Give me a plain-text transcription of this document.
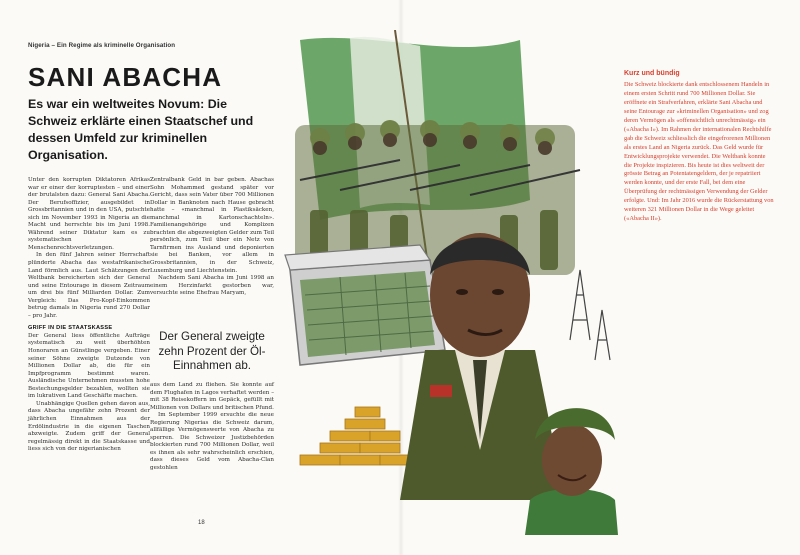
Nigeria – Ein Regime als kriminelle Organisation
SANI ABACHA

Es war ein weltweites Novum: Die Schweiz erklärte einen Staatschef und dessen Umfeld zur kriminellen Organisation.

Unter den korrupten Diktatoren Afrikas war er einer der korruptesten – und einer der brutalsten dazu: General Sani Abacha. Der Berufsoffizier, ausgebildet in Grossbritannien und in den USA, putschte sich im November 1993 in Nigeria an die Macht und herrschte bis im Juni 1998. Während seiner Diktatur kam es zu systematischen Menschenrechtsverletzungen.

In den fünf Jahren seiner Herrschaft plünderte Abacha das westafrikanische Land förmlich aus. Laut Schätzungen der Weltbank bereicherten sich der General und seine Entourage in diesem Zeitraum um drei bis fünf Milliarden Dollar. Zum Vergleich: Das Pro-Kopf-Einkommen betrug damals in Nigeria rund 270 Dollar – pro Jahr.

GRIFF IN DIE STAATSKASSE

Der General liess öffentliche Aufträge systematisch zu weit überhöhten Honoraren an Günstlinge vergeben. Einer seiner Söhne zweigte Dutzende von Millionen Dollar ab, die für ein Impfprogramm bestimmt waren. Ausländische Unternehmen mussten hohe Bestechungsgelder bezahlen, wollten sie im lukrativen Land Geschäfte machen.

Unabhängige Quellen gehen davon aus, dass Abacha ungefähr zehn Prozent der jährlichen Einnahmen aus der Erdölindustrie in die eigenen Taschen abzweigte. Zudem griff der General regelmässig direkt in die Staatskasse und liess sich von der nigerianischen

Zentralbank Geld in bar geben. Abachas Sohn Mohammed gestand später vor Gericht, dass sein Vater über 700 Millionen Dollar in Banknoten nach Hause gebracht hatte – «manchmal in Plastiksäcken, manchmal in Kartonschachteln». Familienangehörige und Komplizen brachten die abgezweigten Gelder zum Teil persönlich, zum Teil über ein Netz von Tarnfirmen ins Ausland und deponierten sie bei Banken, vor allem in Grossbritannien, in der Schweiz, Luxemburg und Liechtenstein.

Nachdem Sani Abacha im Juni 1998 an einem Herzinfarkt gestorben war, versuchte seine Ehefrau Maryam,

aus dem Land zu fliehen. Sie konnte auf dem Flughafen in Lagos verhaftet werden – mit 38 Reisekoffern im Gepäck, gefüllt mit Millionen von Dollars und britischen Pfund.

Im September 1999 ersuchte die neue Regierung Nigerias die Schweiz darum, allfällige Vermögenswerte von Abacha zu sperren. Die Schweizer Justizbehörden blockierten rund 700 Millionen Dollar, weil es ihnen als sehr wahrscheinlich erschien, dass dieses Geld vom Abacha-Clan gestohlen

Der General zweigte zehn Prozent der Öl-Einnahmen ab.
18
Kurz und bündig

Die Schweiz blockierte dank entschlossenem Handeln in einem ersten Schritt rund 700 Millionen Dollar. Sie eröffnete ein Strafverfahren, erklärte Sani Abacha und seine Entourage zur «kriminellen Organisation» und zog deren Vermögen als «offensichtlich unrechtmässig» ein («Abacha I»). Im Rahmen der internationalen Rechtshilfe gab die Schweiz schliesslich die eingefrorenen Millionen als erstes Land an Nigeria zurück. Das Geld wurde für Entwicklungsprojekte verwendet. Die Weltbank konnte die Projekte inspizieren. Bis heute ist dies weltweit der grösste Betrag an Potentatengeldern, der je repatriiert werden konnte, und der erste Fall, bei dem eine Überprüfung der rechtmässigen Verwendung der Gelder erfolgte. Und: Im Jahr 2016 wurde die Rückerstattung von weiteren 321 Millionen Dollar in die Wege geleitet («Abacha II»).
